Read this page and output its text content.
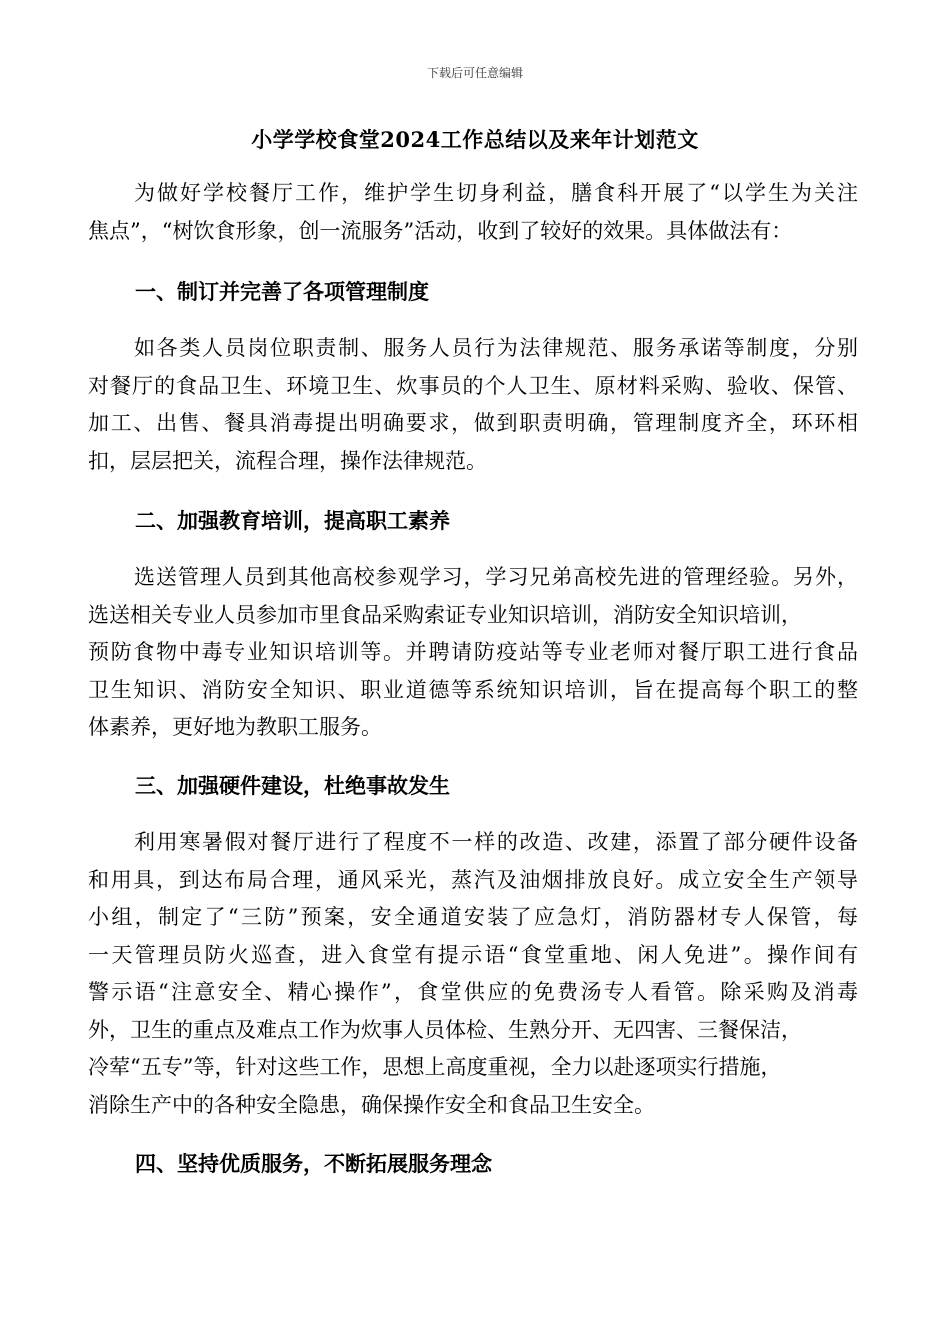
下载后可任意编辑
小学学校食堂2024工作总结以及来年计划范文
为做好学校餐厅工作，维护学生切身利益，膳食科开展了“以学生为关注
焦点”，“树饮食形象，创一流服务”活动，收到了较好的效果。具体做法有：
一、制订并完善了各项管理制度
如各类人员岗位职责制、服务人员行为法律规范、服务承诺等制度，分别
对餐厅的食品卫生、环境卫生、炊事员的个人卫生、原材料采购、验收、保管、
加工、出售、餐具消毒提出明确要求，做到职责明确，管理制度齐全，环环相
扣，层层把关，流程合理，操作法律规范。
二、加强教育培训，提高职工素养
选送管理人员到其他高校参观学习，学习兄弟高校先进的管理经验。另外，
选送相关专业人员参加市里食品采购索证专业知识培训，消防安全知识培训，
预防食物中毒专业知识培训等。并聘请防疫站等专业老师对餐厅职工进行食品
卫生知识、消防安全知识、职业道德等系统知识培训，旨在提高每个职工的整
体素养，更好地为教职工服务。
三、加强硬件建设，杜绝事故发生
利用寒暑假对餐厅进行了程度不一样的改造、改建，添置了部分硬件设备
和用具，到达布局合理，通风采光，蒸汽及油烟排放良好。成立安全生产领导
小组，制定了“三防”预案，安全通道安装了应急灯，消防器材专人保管，每
一天管理员防火巡查，进入食堂有提示语“食堂重地、闲人免进”。操作间有
警示语“注意安全、精心操作”，食堂供应的免费汤专人看管。除采购及消毒
外，卫生的重点及难点工作为炊事人员体检、生熟分开、无四害、三餐保洁，
冷荤“五专”等，针对这些工作，思想上高度重视，全力以赴逐项实行措施，
消除生产中的各种安全隐患，确保操作安全和食品卫生安全。
四、坚持优质服务，不断拓展服务理念
